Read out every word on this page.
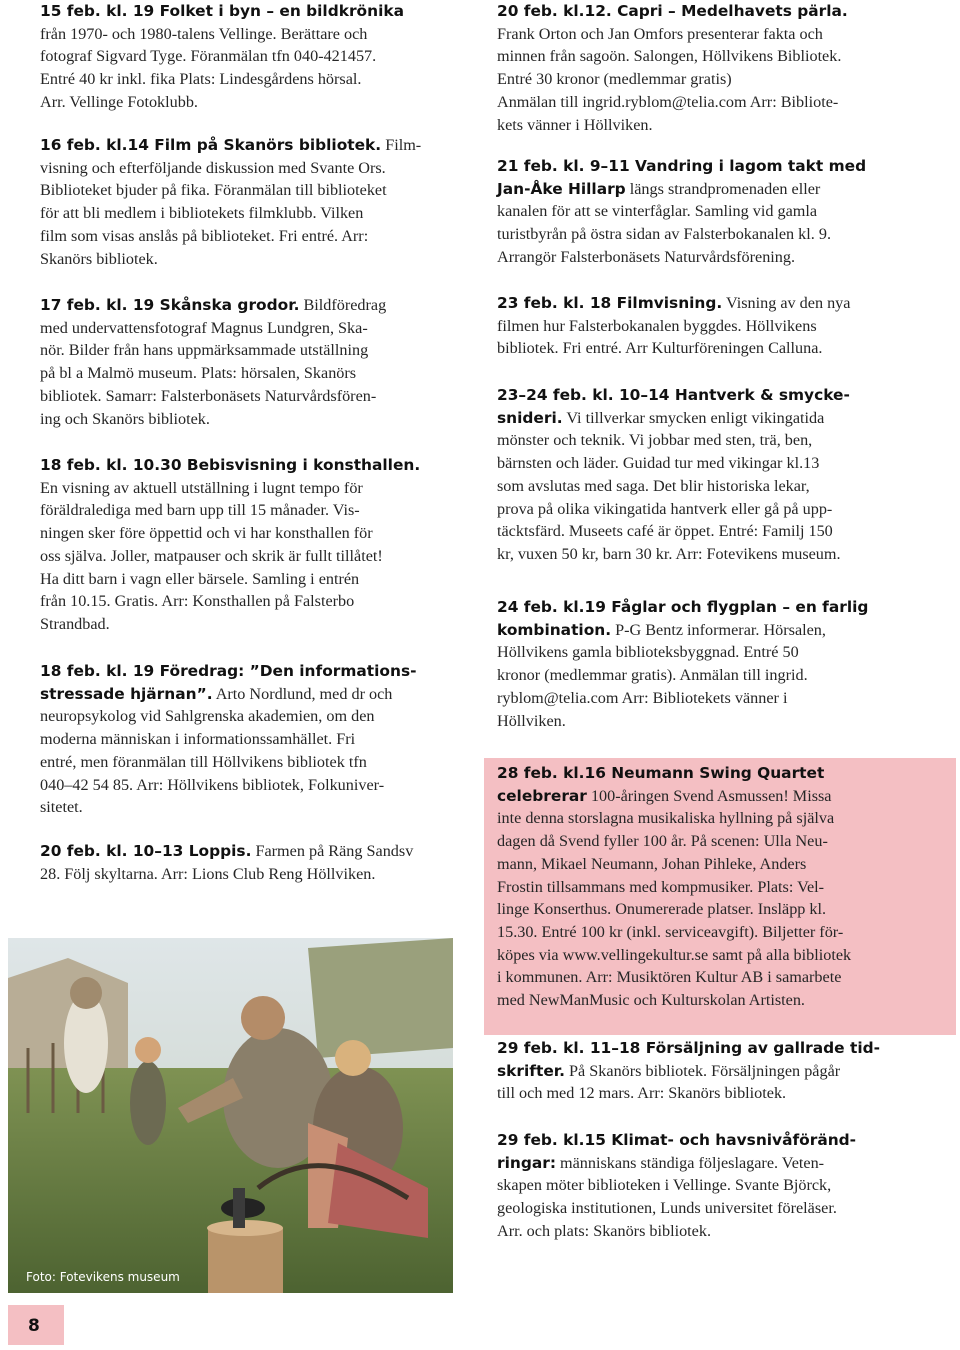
15 feb. kl. 19 Folket i byn – en bildkrönika
från 1970- och 1980-talens Vellinge. Berättare och
fotograf Sigvard Tyge. Föranmälan tfn 040-421457.
Entré 40 kr inkl. fika Plats: Lindesgårdens hörsal.
Arr. Vellinge Fotoklubb.
16 feb. kl.14 Film på Skanörs bibliotek. Film-
visning och efterföljande diskussion med Svante Ors.
Biblioteket bjuder på fika. Föranmälan till biblioteket
för att bli medlem i bibliotekets filmklubb. Vilken
film som visas anslås på biblioteket. Fri entré. Arr:
Skanörs bibliotek.
17 feb. kl. 19 Skånska grodor. Bildföredrag
med undervattensfotograf Magnus Lundgren, Ska-
nör. Bilder från hans uppmärksammade utställning
på bl a Malmö museum. Plats: hörsalen, Skanörs
bibliotek. Samarr: Falsterbonäsets Naturvårdsfören-
ing och Skanörs bibliotek.
18 feb. kl. 10.30 Bebisvisning i konsthallen.
En visning av aktuell utställning i lugnt tempo för
föräldralediga med barn upp till 15 månader. Vis-
ningen sker före öppettid och vi har konsthallen för
oss själva. Joller, matpauser och skrik är fullt tillåtet!
Ha ditt barn i vagn eller bärsele. Samling i entrén
från 10.15. Gratis. Arr: Konsthallen på Falsterbo
Strandbad.
18 feb. kl. 19 Föredrag: ”Den informations-
stressade hjärnan”. Arto Nordlund, med dr och
neuropsykolog vid Sahlgrenska akademien, om den
moderna människan i informationssamhället. Fri
entré, men föranmälan till Höllvikens bibliotek tfn
040–42 54 85. Arr: Höllvikens bibliotek, Folkuniver-
sitetet.
20 feb. kl. 10–13 Loppis. Farmen på Räng Sandsv
28. Följ skyltarna. Arr: Lions Club Reng Höllviken.
20 feb. kl.12. Capri – Medelhavets pärla.
Frank Orton och Jan Omfors presenterar fakta och
minnen från sagoön. Salongen, Höllvikens Bibliotek.
Entré 30 kronor (medlemmar gratis)
Anmälan till ingrid.ryblom@telia.com Arr: Bibliote-
kets vänner i Höllviken.
21 feb. kl. 9–11 Vandring i lagom takt med
Jan-Åke Hillarp längs strandpromenaden eller
kanalen för att se vinterfåglar. Samling vid gamla
turistbyrån på östra sidan av Falsterbokanalen kl. 9.
Arrangör Falsterbonäsets Naturvårdsförening.
23 feb. kl. 18 Filmvisning. Visning av den nya
filmen hur Falsterbokanalen byggdes. Höllvikens
bibliotek. Fri entré. Arr Kulturföreningen Calluna.
23–24 feb. kl. 10–14 Hantverk & smycke-
snideri. Vi tillverkar smycken enligt vikingatida
mönster och teknik. Vi jobbar med sten, trä, ben,
bärnsten och läder. Guidad tur med vikingar kl.13
som avslutas med saga. Det blir historiska lekar,
prova på olika vikingatida hantverk eller gå på upp-
täcktsfärd. Museets café är öppet. Entré: Familj 150
kr, vuxen 50 kr, barn 30 kr. Arr: Fotevikens museum.
24 feb. kl.19 Fåglar och flygplan – en farlig
kombination. P-G Bentz informerar. Hörsalen,
Höllvikens gamla biblioteksbyggnad. Entré 50
kronor (medlemmar gratis). Anmälan till ingrid.
ryblom@telia.com Arr: Bibliotekets vänner i
Höllviken.
28 feb. kl.16 Neumann Swing Quartet
celebrerar 100-åringen Svend Asmussen! Missa
inte denna storslagna musikaliska hyllning på själva
dagen då Svend fyller 100 år. På scenen: Ulla Neu-
mann, Mikael Neumann, Johan Pihleke, Anders
Frostin tillsammans med kompmusiker. Plats: Vel-
linge Konserthus. Onumererade platser. Insläpp kl.
15.30. Entré 100 kr (inkl. serviceavgift). Biljetter för-
köpes via www.vellingekultur.se samt på alla bibliotek
i kommunen. Arr: Musiktören Kultur AB i samarbete
med NewManMusic och Kulturskolan Artisten.
29 feb. kl. 11–18 Försäljning av gallrade tid-
skrifter. På Skanörs bibliotek. Försäljningen pågår
till och med 12 mars. Arr: Skanörs bibliotek.
29 feb. kl.15 Klimat- och havsnivåföränd-
ringar: människans ständiga följeslagare. Veten-
skapen möter biblioteken i Vellinge. Svante Björck,
geologiska institutionen, Lunds universitet föreläser.
Arr. och plats: Skanörs bibliotek.
Foto: Fotevikens museum
8
